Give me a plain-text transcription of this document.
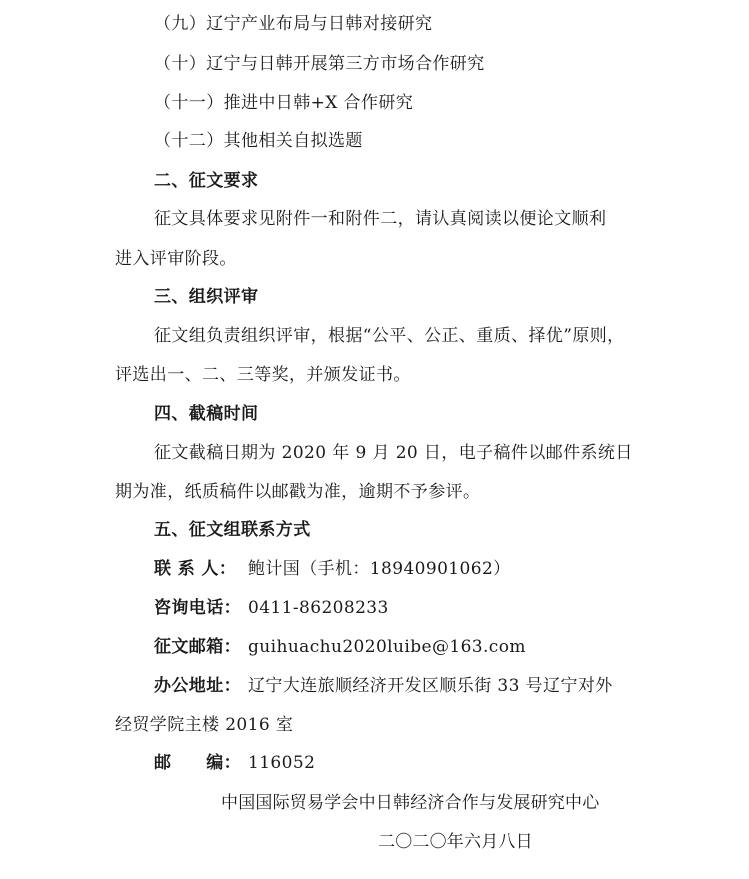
（九）辽宁产业布局与日韩对接研究
（十）辽宁与日韩开展第三方市场合作研究
（十一）推进中日韩+X 合作研究
（十二）其他相关自拟选题
二、征文要求
征文具体要求见附件一和附件二，请认真阅读以便论文顺利
进入评审阶段。
三、组织评审
征文组负责组织评审，根据“公平、公正、重质、择优”原则，
评选出一、二、三等奖，并颁发证书。
四、截稿时间
征文截稿日期为 2020 年 9 月 20 日，电子稿件以邮件系统日
期为准，纸质稿件以邮戳为准，逾期不予参评。
五、征文组联系方式
联 系 人： 鲍计国（手机：18940901062）
咨询电话： 0411-86208233
征文邮箱： guihuachu2020luibe@163.com
办公地址： 辽宁大连旅顺经济开发区顺乐街 33 号辽宁对外
经贸学院主楼 2016 室
邮　　编： 116052
中国国际贸易学会中日韩经济合作与发展研究中心
二〇二〇年六月八日
